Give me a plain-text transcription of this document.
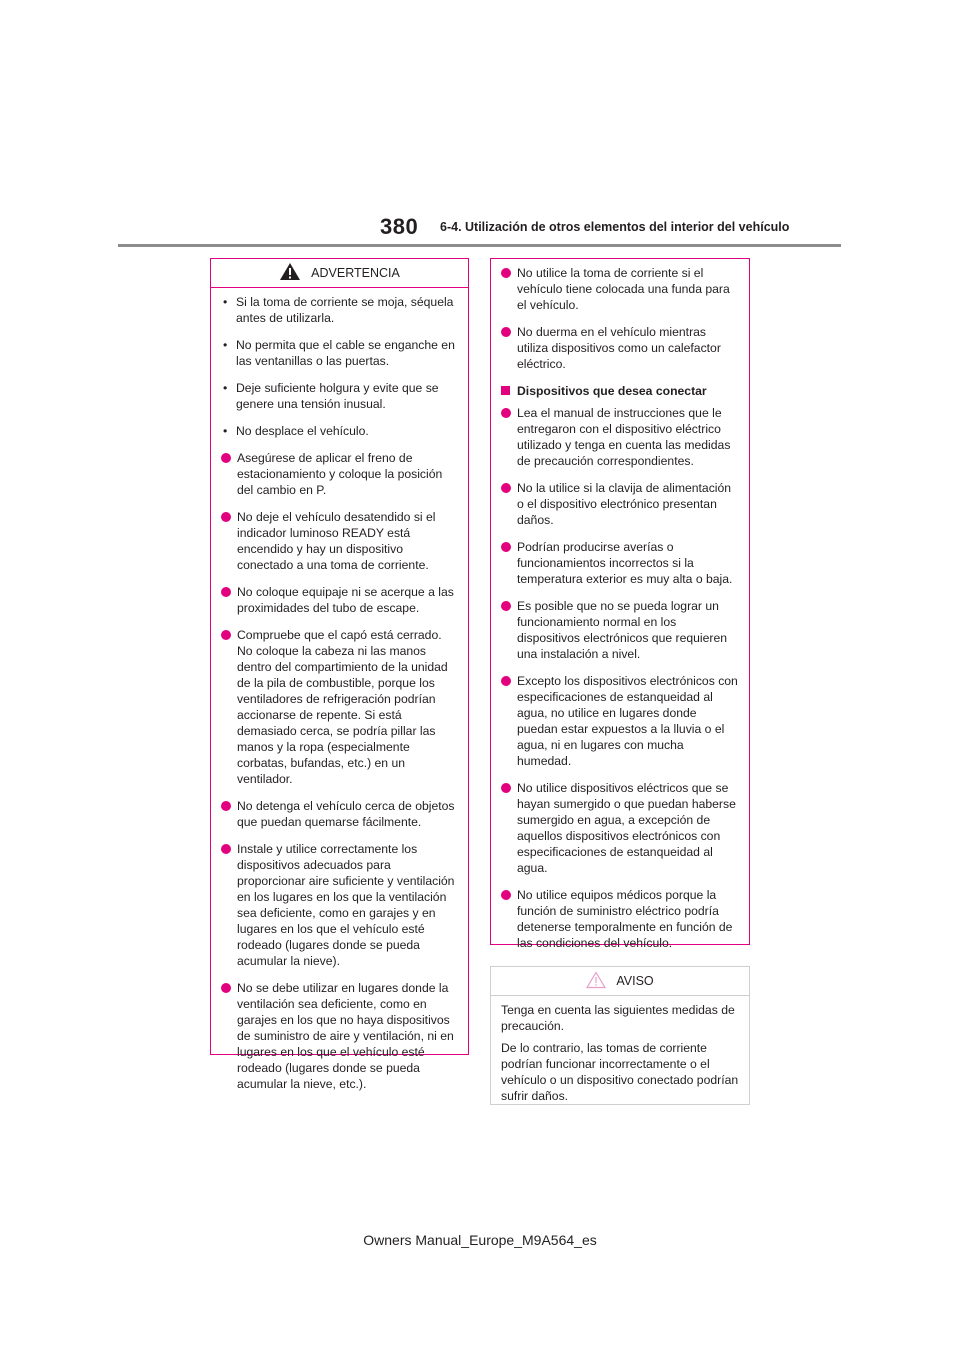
380 6-4. Utilización de otros elementos del interior del vehículo
ADVERTENCIA
• Si la toma de corriente se moja, séquela antes de utilizarla.
• No permita que el cable se enganche en las ventanillas o las puertas.
• Deje suficiente holgura y evite que se genere una tensión inusual.
• No desplace el vehículo.
Asegúrese de aplicar el freno de estacionamiento y coloque la posición del cambio en P.
No deje el vehículo desatendido si el indicador luminoso READY está encendido y hay un dispositivo conectado a una toma de corriente.
No coloque equipaje ni se acerque a las proximidades del tubo de escape.
Compruebe que el capó está cerrado. No coloque la cabeza ni las manos dentro del compartimiento de la unidad de la pila de combustible, porque los ventiladores de refrigeración podrían accionarse de repente. Si está demasiado cerca, se podría pillar las manos y la ropa (especialmente corbatas, bufandas, etc.) en un ventilador.
No detenga el vehículo cerca de objetos que puedan quemarse fácilmente.
Instale y utilice correctamente los dispositivos adecuados para proporcionar aire suficiente y ventilación en los lugares en los que la ventilación sea deficiente, como en garajes y en lugares en los que el vehículo esté rodeado (lugares donde se pueda acumular la nieve).
No se debe utilizar en lugares donde la ventilación sea deficiente, como en garajes en los que no haya dispositivos de suministro de aire y ventilación, ni en lugares en los que el vehículo esté rodeado (lugares donde se pueda acumular la nieve, etc.).
No utilice la toma de corriente si el vehículo tiene colocada una funda para el vehículo.
No duerma en el vehículo mientras utiliza dispositivos como un calefactor eléctrico.
Dispositivos que desea conectar
Lea el manual de instrucciones que le entregaron con el dispositivo eléctrico utilizado y tenga en cuenta las medidas de precaución correspondientes.
No la utilice si la clavija de alimentación o el dispositivo electrónico presentan daños.
Podrían producirse averías o funcionamientos incorrectos si la temperatura exterior es muy alta o baja.
Es posible que no se pueda lograr un funcionamiento normal en los dispositivos electrónicos que requieren una instalación a nivel.
Excepto los dispositivos electrónicos con especificaciones de estanqueidad al agua, no utilice en lugares donde puedan estar expuestos a la lluvia o el agua, ni en lugares con mucha humedad.
No utilice dispositivos eléctricos que se hayan sumergido o que puedan haberse sumergido en agua, a excepción de aquellos dispositivos electrónicos con especificaciones de estanqueidad al agua.
No utilice equipos médicos porque la función de suministro eléctrico podría detenerse temporalmente en función de las condiciones del vehículo.
AVISO
Tenga en cuenta las siguientes medidas de precaución.
De lo contrario, las tomas de corriente podrían funcionar incorrectamente o el vehículo o un dispositivo conectado podrían sufrir daños.
Owners Manual_Europe_M9A564_es
